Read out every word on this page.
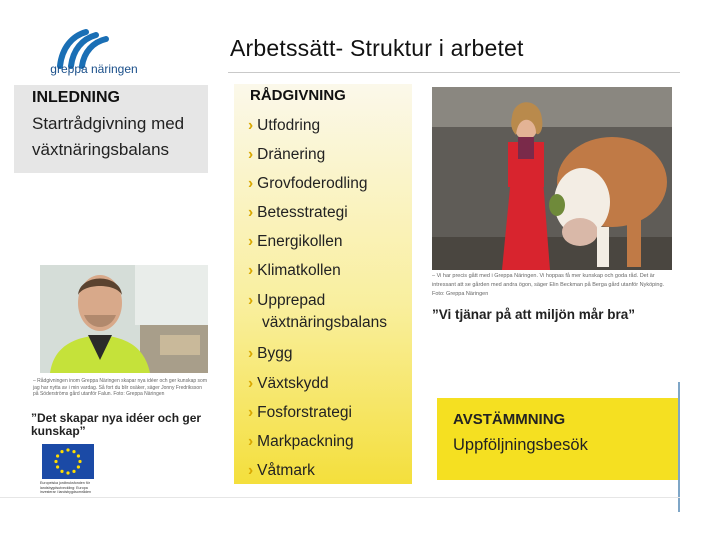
greppa näringen
Arbetssätt- Struktur i arbetet
INLEDNING
Startrådgivning med
växtnäringsbalans
RÅDGIVNING
› Utfodring
› Dränering
› Grovfoderodling
› Betesstrategi
› Energikollen
› Klimatkollen
› Upprepad växtnäringsbalans
› Bygg
› Växtskydd
› Fosforstrategi
› Markpackning
› Våtmark
– Rådgivningen inom Greppa Näringen skapar nya idéer och ger kunskap som jag har nytta av i min vardag. Så fort du blir osäker, säger Jonny Fredriksson på Söderströms gård utanför Falun. Foto: Greppa Näringen
”Det skapar nya idéer och ger kunskap”
Europeiska jordbruksfonden för landsbygdsutveckling: Europa investerar i landsbygdsområden
– Vi har precis gått med i Greppa Näringen. Vi hoppas få mer kunskap och goda råd. Det är intressant att se gården med andra ögon, säger Elin Beckman på Berga gård utanför Nyköping. Foto: Greppa Näringen
”Vi tjänar på att miljön mår bra”
AVSTÄMMNING
Uppföljningsbesök
